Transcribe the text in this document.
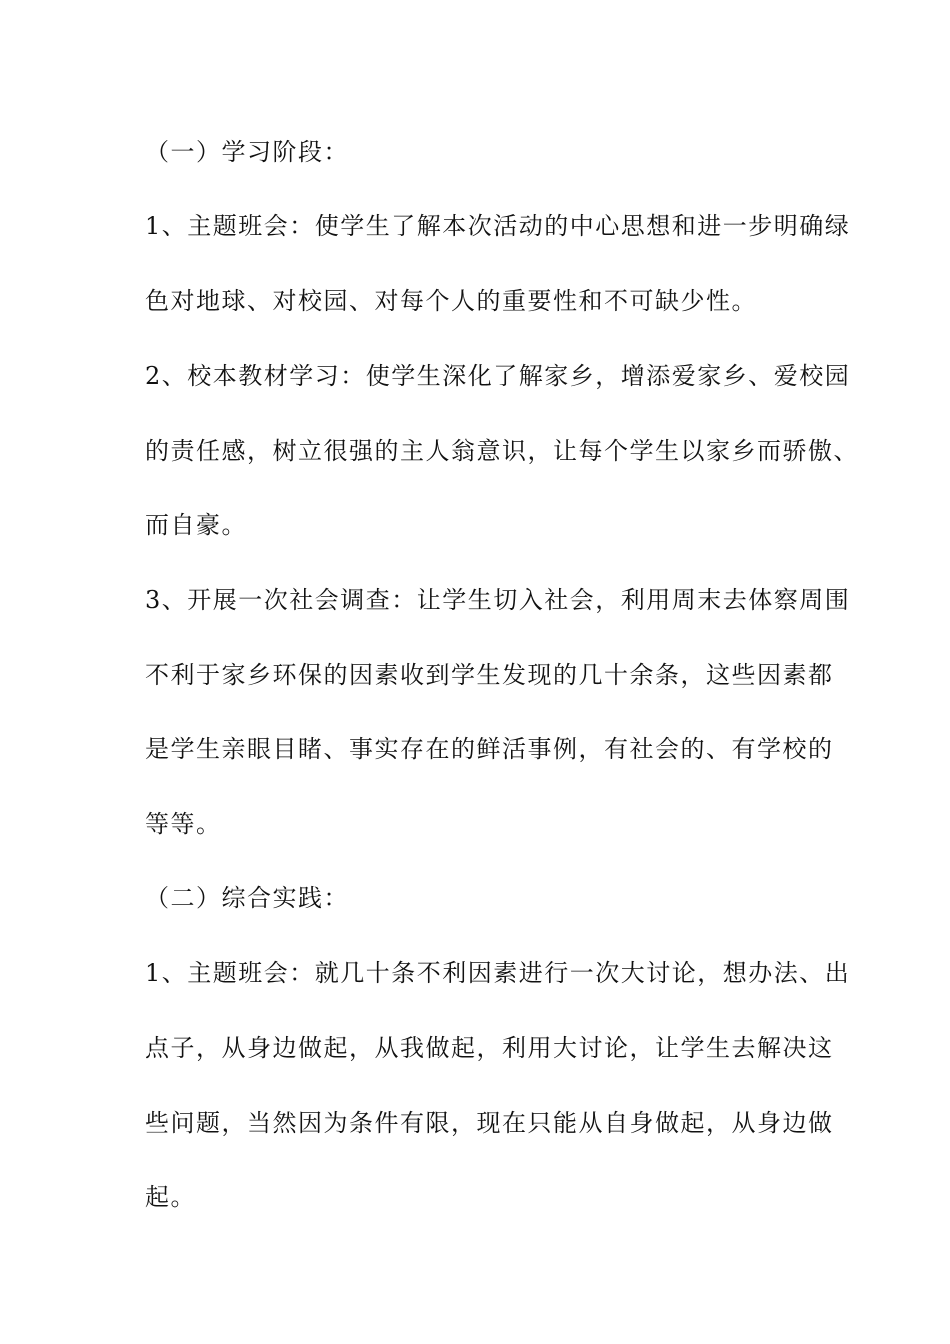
（一）学习阶段：
1、主题班会：使学生了解本次活动的中心思想和进一步明确绿
色对地球、对校园、对每个人的重要性和不可缺少性。
2、校本教材学习：使学生深化了解家乡，增添爱家乡、爱校园
的责任感，树立很强的主人翁意识，让每个学生以家乡而骄傲、
而自豪。
3、开展一次社会调查：让学生切入社会，利用周末去体察周围
不利于家乡环保的因素收到学生发现的几十余条，这些因素都
是学生亲眼目睹、事实存在的鲜活事例，有社会的、有学校的
等等。
（二）综合实践：
1、主题班会：就几十条不利因素进行一次大讨论，想办法、出
点子，从身边做起，从我做起，利用大讨论，让学生去解决这
些问题，当然因为条件有限，现在只能从自身做起，从身边做
起。
